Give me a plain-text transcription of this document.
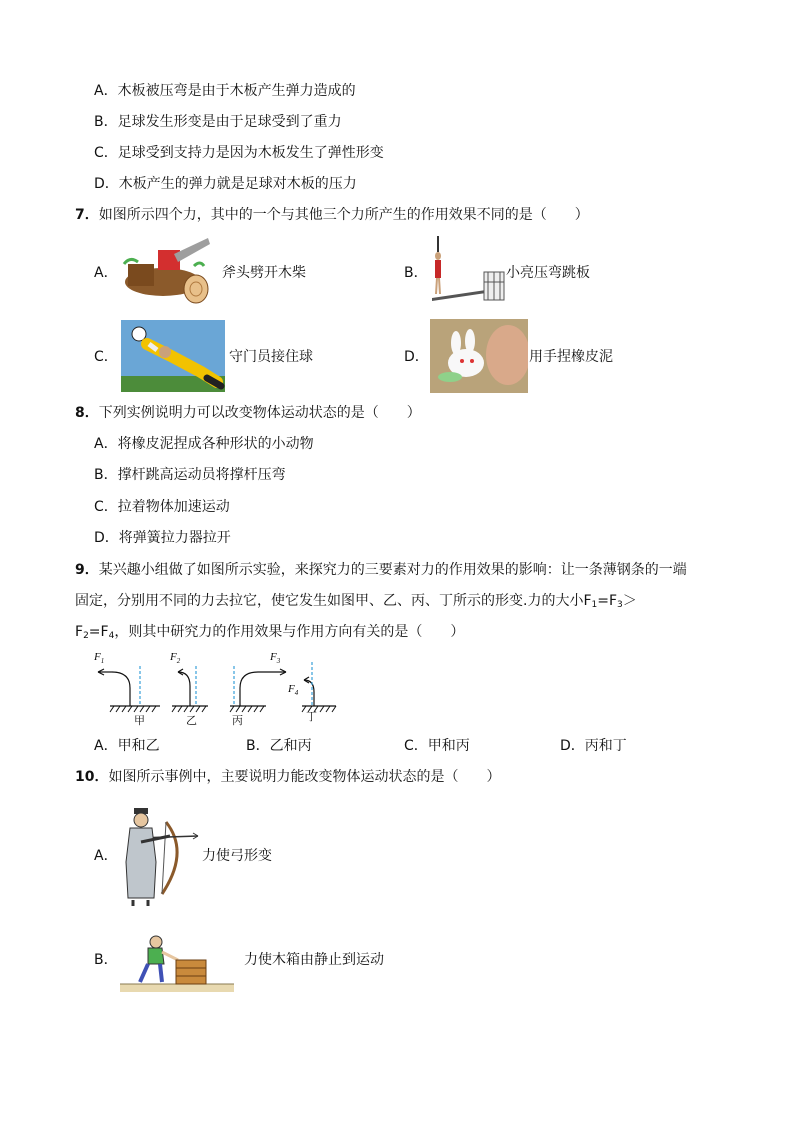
A．木板被压弯是由于木板产生弹力造成的
B．足球发生形变是由于足球受到了重力
C．足球受到支持力是因为木板发生了弹性形变
D．木板产生的弹力就是足球对木板的压力
7．如图所示四个力，其中的一个与其他三个力所产生的作用效果不同的是（　　）
A．	斧头劈开木柴	B．	小亮压弯跳板
C．	守门员接住球	D．	用手捏橡皮泥
8．下列实例说明力可以改变物体运动状态的是（　　）
A．将橡皮泥捏成各种形状的小动物
B．撑杆跳高运动员将撑杆压弯
C．拉着物体加速运动
D．将弹簧拉力器拉开
9．某兴趣小组做了如图所示实验，来探究力的三要素对力的作用效果的影响：让一条薄钢条的一端
固定，分别用不同的力去拉它，使它发生如图甲、乙、丙、丁所示的形变.力的大小$F_1=F_3>$
$F_2=F_4$，则其中研究力的作用效果与作用方向有关的是（　　）
$F_1$	$F_2$	$F_3$
$F_4$
甲	乙	丙	丁
A．甲和乙	B．乙和丙	C．甲和丙	D．丙和丁
10．如图所示事例中，主要说明力能改变物体运动状态的是（　　）
A．	力使弓形变
B．	力使木箱由静止到运动
